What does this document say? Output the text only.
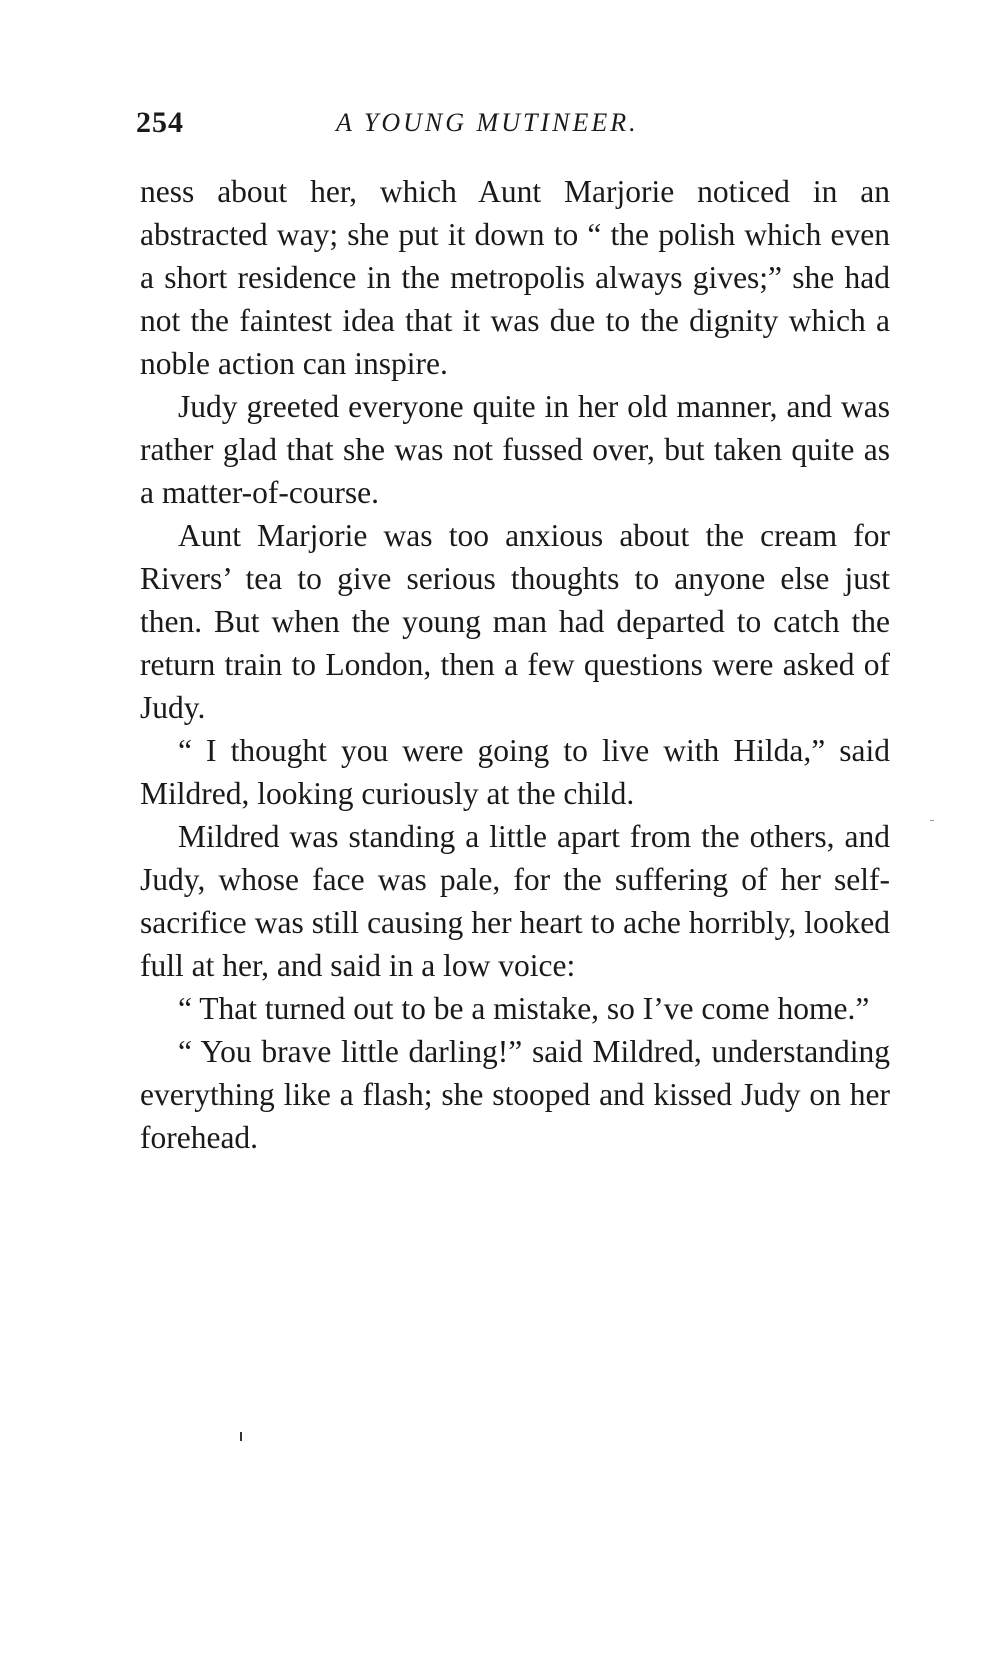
254	A YOUNG MUTINEER.

ness about her, which Aunt Marjorie noticed in an abstracted way; she put it down to “ the polish which even a short residence in the metropolis always gives;” she had not the faintest idea that it was due to the dignity which a noble action can inspire.

Judy greeted everyone quite in her old manner, and was rather glad that she was not fussed over, but taken quite as a matter-of-course.

Aunt Marjorie was too anxious about the cream for Rivers’ tea to give serious thoughts to anyone else just then. But when the young man had departed to catch the return train to London, then a few questions were asked of Judy.

“ I thought you were going to live with Hilda,” said Mildred, looking curiously at the child.

Mildred was standing a little apart from the others, and Judy, whose face was pale, for the suffering of her self-sacrifice was still causing her heart to ache horribly, looked full at her, and said in a low voice:

“ That turned out to be a mistake, so I’ve come home.”

“ You brave little darling!” said Mildred, understanding everything like a flash; she stooped and kissed Judy on her forehead.
